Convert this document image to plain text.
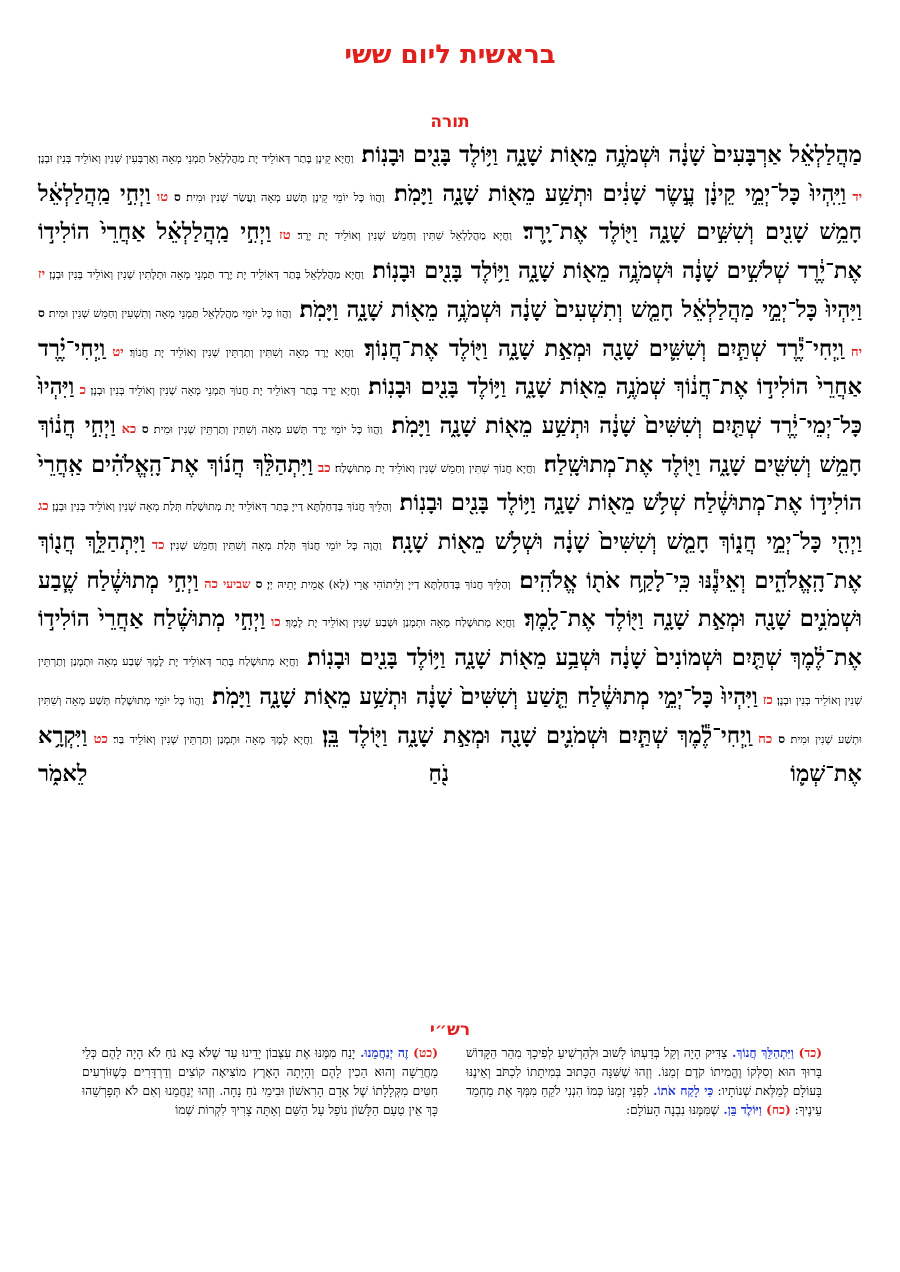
בראשית ליום ששי
תורה
מַהֲלַלְאֵ֗ל אַרְבָּעִים֙ שָׁנָ֔ה וּשְׁמֹנֶ֥ה מֵא֖וֹת שָׁנָ֑ה וַיּ֥וֹלֶד בָּנִ֖ים וּבָנֽוֹת׃ וַחֲיָא קֵינָן בָּתַר דְּאוֹלֵיד יָת מַהֲלַלְאֵל תַּמְנֵי מְאָה וְאַרְבְּעִין שְׁנִין וְאוֹלֵיד בְּנִין וּבְנָן׃ יד וַיִּֽהְיוּ֙ כָּל־יְמֵ֣י קֵינָ֔ן עֶ֣שֶׂר שָׁנִ֔ים וּתְשַׁ֥ע מֵא֖וֹת שָׁנָ֑ה וַיָּמֹֽת׃ וַהֲווֹ כָּל יוֹמֵי קֵינָן תְּשַׁע מְאָה וַעֲשַׂר שְׁנִין וּמִית׃ ס טו וַיְחִ֣י מַֽהֲלַלְאֵ֔ל חָמֵ֥שׁ שָׁנִ֖ים וְשִׁשִּׁ֣ים שָׁנָ֑ה וַיּ֖וֹלֶד אֶת־יָֽרֶד׃ וַחֲיָא מַהֲלַלְאֵל שִׁתִּין וְחַמֵשׁ שְׁנִין וְאוֹלֵיד יָת יָרֶד׃ טז וַיְחִ֣י מַֽהֲלַלְאֵ֗ל אַחֲרֵי֙ הוֹלִיד֣וֹ אֶת־יֶ֔רֶד שְׁלֹשִׁ֣ים שָׁנָ֔ה וּשְׁמֹנֶ֥ה מֵא֖וֹת שָׁנָ֑ה וַיּ֥וֹלֶד בָּנִ֖ים וּבָנֽוֹת׃ וַחֲיָא מַהֲלַלְאֵל בָּתַר דְּאוֹלֵיד יָת יֶרֶד תַּמְנֵי מְאָה וּתְלָתִין שְׁנִין וְאוֹלֵיד בְּנִין וּבְנָן׃ יז וַיִּהְיוּ֙ כָּל־יְמֵ֣י מַהֲלַלְאֵ֔ל חָמֵ֤שׁ וְתִשְׁעִים֙ שָׁנָ֔ה וּשְׁמֹנֶ֥ה מֵא֖וֹת שָׁנָ֑ה וַיָּמֹֽת׃ וַהֲווֹ כָּל יוֹמֵי מַהֲלַלְאֵל תַּמְנֵי מְאָה וְתִשְׁעִין וְחַמֵשׁ שְׁנִין וּמִית׃ ס יח וַֽיְחִי־יֶ֕רֶד שְׁתַּ֧יִם וְשִׁשִּׁ֛ים שָׁנָ֖ה וּמְאַ֣ת שָׁנָ֑ה וַיּ֖וֹלֶד אֶת־חֲנֽוֹךְ׃ וַחֲיָא יֶרֶד מְאָה וְשִׁתִּין וְתַרְתֵּין שְׁנִין וְאוֹלֵיד יָת חֲנוֹךְ׃ יט וַֽיְחִי־יֶ֗רֶד אַחֲרֵי֙ הוֹלִיד֣וֹ אֶת־חֲנ֔וֹךְ שְׁמֹנֶ֥ה מֵא֖וֹת שָׁנָ֑ה וַיּ֥וֹלֶד בָּנִ֖ים וּבָנֽוֹת׃ וַחֲיָא יֶרֶד בָּתַר דְּאוֹלֵיד יָת חֲנוֹךְ תַּמְנֵי מְאָה שְׁנִין וְאוֹלֵיד בְּנִין וּבְנָן׃ כ וַיִּהְיוּ֙ כָּל־יְמֵי־יֶ֔רֶד שְׁתַּ֤יִם וְשִׁשִּׁים֙ שָׁנָ֔ה וּתְשַׁ֥ע מֵא֖וֹת שָׁנָ֑ה וַיָּמֹֽת׃ וַהֲווֹ כָּל יוֹמֵי יֶרֶד תְּשַׁע מְאָה וְשִׁתִּין וְתַרְתֵּין שְׁנִין וּמִית׃ ס כא וַיְחִ֣י חֲנ֔וֹךְ חָמֵ֥שׁ וְשִׁשִּׁ֖ים שָׁנָ֑ה וַיּ֖וֹלֶד אֶת־מְתוּשָֽׁלַח׃ וַחֲיָא חֲנוֹךְ שִׁתִּין וְחַמֵשׁ שְׁנִין וְאוֹלֵיד יָת מְתוּשָׁלַח׃ כב וַיִּתְהַלֵּ֨ךְ חֲנ֜וֹךְ אֶת־הָֽאֱלֹהִ֗ים אַֽחֲרֵי֙ הוֹלִיד֣וֹ אֶת־מְתוּשֶׁ֔לַח שְׁלֹ֥שׁ מֵא֖וֹת שָׁנָ֑ה וַיּ֥וֹלֶד בָּנִ֖ים וּבָנֽוֹת׃ וְהַלֵּיךְ חֲנוֹךְ בְּדַחַלְתָּא דַייָ בָּתַר דְּאוֹלֵיד יָת מְתוּשֶׁלַח תְּלַת מְאָה שְׁנִין וְאוֹלֵיד בְּנִין וּבְנָן׃ כג וַיְהִ֖י כָּל־יְמֵ֣י חֲנ֑וֹךְ חָמֵ֤שׁ וְשִׁשִּׁים֙ שָׁנָ֔ה וּשְׁלֹ֥שׁ מֵא֖וֹת שָׁנָֽה׃ וַהֲוָה כָּל יוֹמֵי חֲנוֹךְ תְּלַת מְאָה וְשִׁתִּין וְחַמֵשׁ שְׁנִין׃ כד וַיִּתְהַלֵּ֥ךְ חֲנ֖וֹךְ אֶת־הָֽאֱלֹהִ֑ים וְאֵינֶ֕נּוּ כִּֽי־לָקַ֥ח אֹת֖וֹ אֱלֹהִֽים׃ וְהַלֵּיךְ חֲנוֹךְ בְּדַחַלְתָּא דַייָ וְלֵיתוֹהִי אֲרֵי (לָא) אֲמֵית יָתֵיהּ יְיָ׃ ס שביעי כה וַיְחִ֣י מְתוּשֶׁ֔לַח שֶׁ֧בַע וּשְׁמֹנִ֛ים שָׁנָ֖ה וּמְאַ֣ת שָׁנָ֑ה וַיּ֖וֹלֶד אֶת־לָֽמֶךְ׃ וַחֲיָא מְתוּשֶׁלַח מְאָה וּתְמָנַן וּשְׁבַע שְׁנִין וְאוֹלֵיד יָת לָמֶךְ׃ כו וַיְחִ֣י מְתוּשֶׁ֗לַח אַחֲרֵי֙ הוֹלִיד֣וֹ אֶת־לֶ֔מֶךְ שְׁתַּ֤יִם וּשְׁמוֹנִים֙ שָׁנָ֔ה וּשְׁבַ֥ע מֵא֖וֹת שָׁנָ֑ה וַיּ֥וֹלֶד בָּנִ֖ים וּבָנֽוֹת׃ וַחֲיָא מְתוּשֶׁלַח בָּתַר דְּאוֹלֵיד יָת לֶמֶךְ שְׁבַע מְאָה וּתְמָנַן וְתַרְתֵּין שְׁנִין וְאוֹלֵיד בְּנִין וּבְנָן׃ כז וַיִּהְיוּ֙ כָּל־יְמֵ֣י מְתוּשֶׁ֔לַח תֵּ֤שַׁע וְשִׁשִּׁים֙ שָׁנָ֔ה וּתְשַׁ֥ע מֵא֖וֹת שָׁנָ֑ה וַיָּמֹֽת׃ וַהֲווֹ כָּל יוֹמֵי מְתוּשֶׁלַח תְּשַׁע מְאָה וְשִׁתִּין וּתְשַׁע שְׁנִין וּמִית׃ ס כח וַֽיְחִי־לֶ֕מֶךְ שְׁתַּ֧יִם וּשְׁמֹנִ֛ים שָׁנָ֖ה וּמְאַ֣ת שָׁנָ֑ה וַיּ֖וֹלֶד בֵּֽן׃ וַחֲיָא לֶמֶךְ מְאָה וּתְמָנַן וְתַרְתֵּין שְׁנִין וְאוֹלֵיד בַּר׃ כט וַיִּקְרָ֥א אֶת־שְׁמ֛וֹ נֹ֖חַ לֵאמֹ֑ר
רש״י
(כד) וַיִּתְהַלֵּךְ חֲנוֹךְ. צַדִּיק הָיָה וְקַל בְּדַעְתּוֹ לָשׁוּב וּלְהַרְשִׁיעַ לְפִיכָךְ מִהֵר הַקָּדוֹשׁ בָּרוּךְ הוּא וְסִלְּקוֹ וֶהֱמִיתוֹ קֹדֶם זְמַנּוֹ. וְזֶהוּ שֶׁשִּׁנָּה הַכָּתוּב בְּמִיתָתוֹ לִכְתֹּב וְאֵינֶנּוּ בָּעוֹלָם לְמַלְּאת שְׁנוֹתָיו: כִּי לָקַח אֹתוֹ. לִפְנֵי זְמַנּוֹ כְּמוֹ הִנְנִי לֹקֵחַ מִמְּךָ אֶת מַחְמַד עֵינֶיךָ: (כח) וַיּוֹלֶד בֵּן. שֶׁמִּמֶּנּוּ נִבְנָה הָעוֹלָם:
(כט) זֶה יְנַחֲמֵנוּ. יָנַח מִמֶּנּוּ אֶת עִצְּבוֹן יָדֵינוּ עַד שֶׁלֹּא בָּא נֹחַ לֹא הָיָה לָהֶם כְּלֵי מַחֲרֵשָׁה וְהוּא הֵכִין לָהֶם וְהָיְתָה הָאָרֶץ מוֹצִיאָה קוֹצִים וְדַרְדָּרִים כְּשֶׁזּוֹרְעִים חִטִּים מִקְּלָלָתוֹ שֶׁל אָדָם הָרִאשׁוֹן וּבִימֵי נֹחַ נָחָה. וְזֶהוּ יְנַחֲמֵנוּ וְאִם לֹא תְּפָרְשֵׁהוּ כָּךְ אֵין טַעַם הַלָּשׁוֹן נוֹפֵל עַל הַשֵּׁם וְאַתָּה צָרִיךְ לִקְרוֹת שְׁמוֹ
